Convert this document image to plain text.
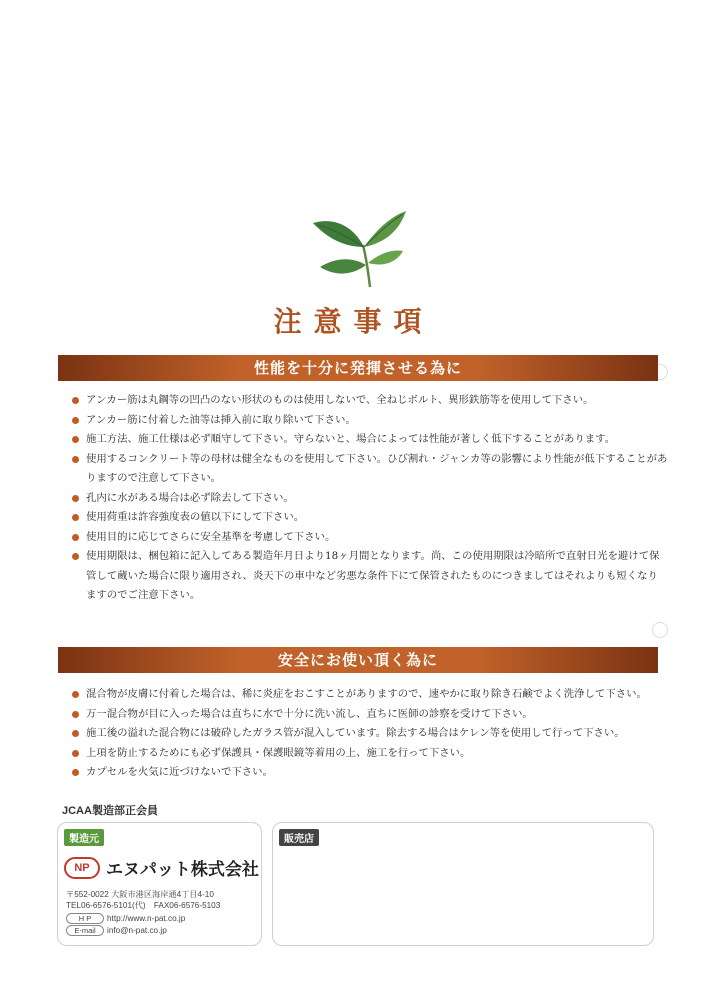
注意事項
性能を十分に発揮させる為に
アンカー筋は丸鋼等の凹凸のない形状のものは使用しないで、全ねじボルト、異形鉄筋等を使用して下さい。
アンカー筋に付着した油等は挿入前に取り除いて下さい。
施工方法、施工仕様は必ず順守して下さい。守らないと、場合によっては性能が著しく低下することがあります。
使用するコンクリート等の母材は健全なものを使用して下さい。ひび割れ・ジャンカ等の影響により性能が低下することがありますので注意して下さい。
孔内に水がある場合は必ず除去して下さい。
使用荷重は許容強度表の値以下にして下さい。
使用目的に応じてさらに安全基準を考慮して下さい。
使用期限は、梱包箱に記入してある製造年月日より18ヶ月間となります。尚、この使用期限は冷暗所で直射日光を避けて保管して蔵いた場合に限り適用され、炎天下の車中など劣悪な条件下にて保管されたものにつきましてはそれよりも短くなりますのでご注意下さい。
安全にお使い頂く為に
混合物が皮膚に付着した場合は、稀に炎症をおこすことがありますので、速やかに取り除き石鹸でよく洗浄して下さい。
万一混合物が目に入った場合は直ちに水で十分に洗い流し、直ちに医師の診察を受けて下さい。
施工後の溢れた混合物には破砕したガラス管が混入しています。除去する場合はケレン等を使用して行って下さい。
上項を防止するためにも必ず保護具・保護眼鏡等着用の上、施工を行って下さい。
カプセルを火気に近づけないで下さい。
JCAA製造部正会員
製造元
NP エヌパット株式会社
〒552-0022 大阪市港区海岸通4丁目4-10
TEL06-6576-5101(代)　FAX06-6576-5103
H P http://www.n-pat.co.jp
E-mail info@n-pat.co.jp
販売店
